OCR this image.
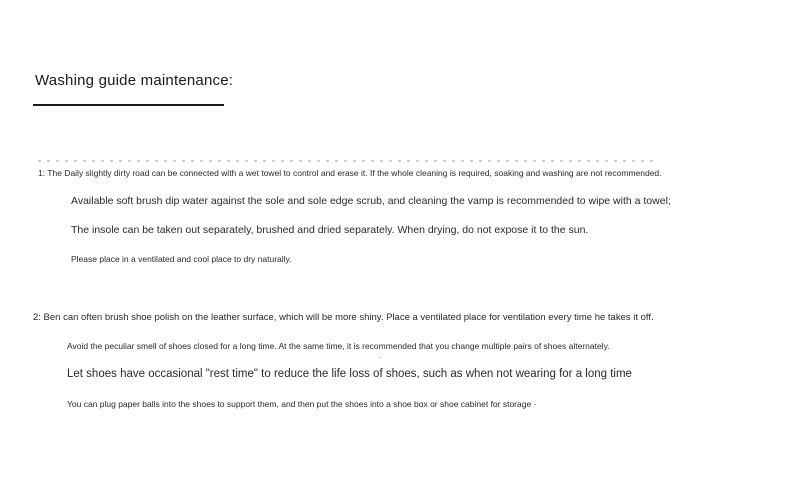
Washing guide maintenance:

1: The Daily slightly dirty road can be connected with a wet towel to control and erase it. If the whole cleaning is required, soaking and washing are not recommended.

Available soft brush dip water against the sole and sole edge scrub, and cleaning the vamp is recommended to wipe with a towel;

The insole can be taken out separately, brushed and dried separately. When drying, do not expose it to the sun.

Please place in a ventilated and cool place to dry naturally.

2: Ben can often brush shoe polish on the leather surface, which will be more shiny. Place a ventilated place for ventilation every time he takes it off.

Avoid the peculiar smell of shoes closed for a long time. At the same time, it is recommended that you change multiple pairs of shoes alternately.

Let shoes have occasional "rest time" to reduce the life loss of shoes, such as when not wearing for a long time

You can plug paper balls into the shoes to support them, and then put the shoes into a shoe box or shoe cabinet for storage ·
